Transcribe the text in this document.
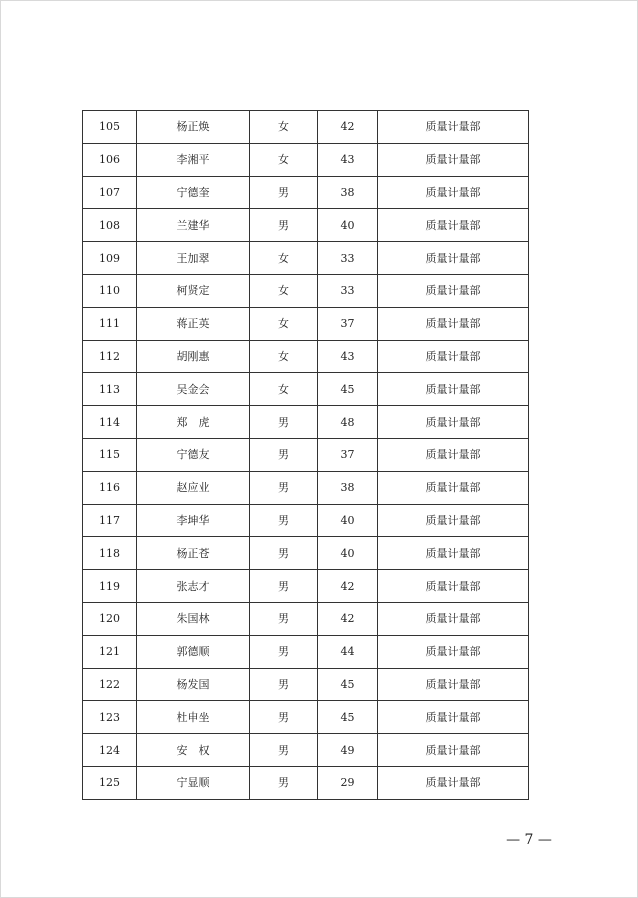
105	杨正焕	女	42	质量计量部
106	李湘平	女	43	质量计量部
107	宁德奎	男	38	质量计量部
108	兰建华	男	40	质量计量部
109	王加翠	女	33	质量计量部
110	柯贤定	女	33	质量计量部
111	蒋正英	女	37	质量计量部
112	胡刚惠	女	43	质量计量部
113	吴金会	女	45	质量计量部
114	郑　虎	男	48	质量计量部
115	宁德友	男	37	质量计量部
116	赵应业	男	38	质量计量部
117	李坤华	男	40	质量计量部
118	杨正苍	男	40	质量计量部
119	张志才	男	42	质量计量部
120	朱国林	男	42	质量计量部
121	郭德顺	男	44	质量计量部
122	杨发国	男	45	质量计量部
123	杜申坐	男	45	质量计量部
124	安　权	男	49	质量计量部
125	宁显顺	男	29	质量计量部
— 7 —
